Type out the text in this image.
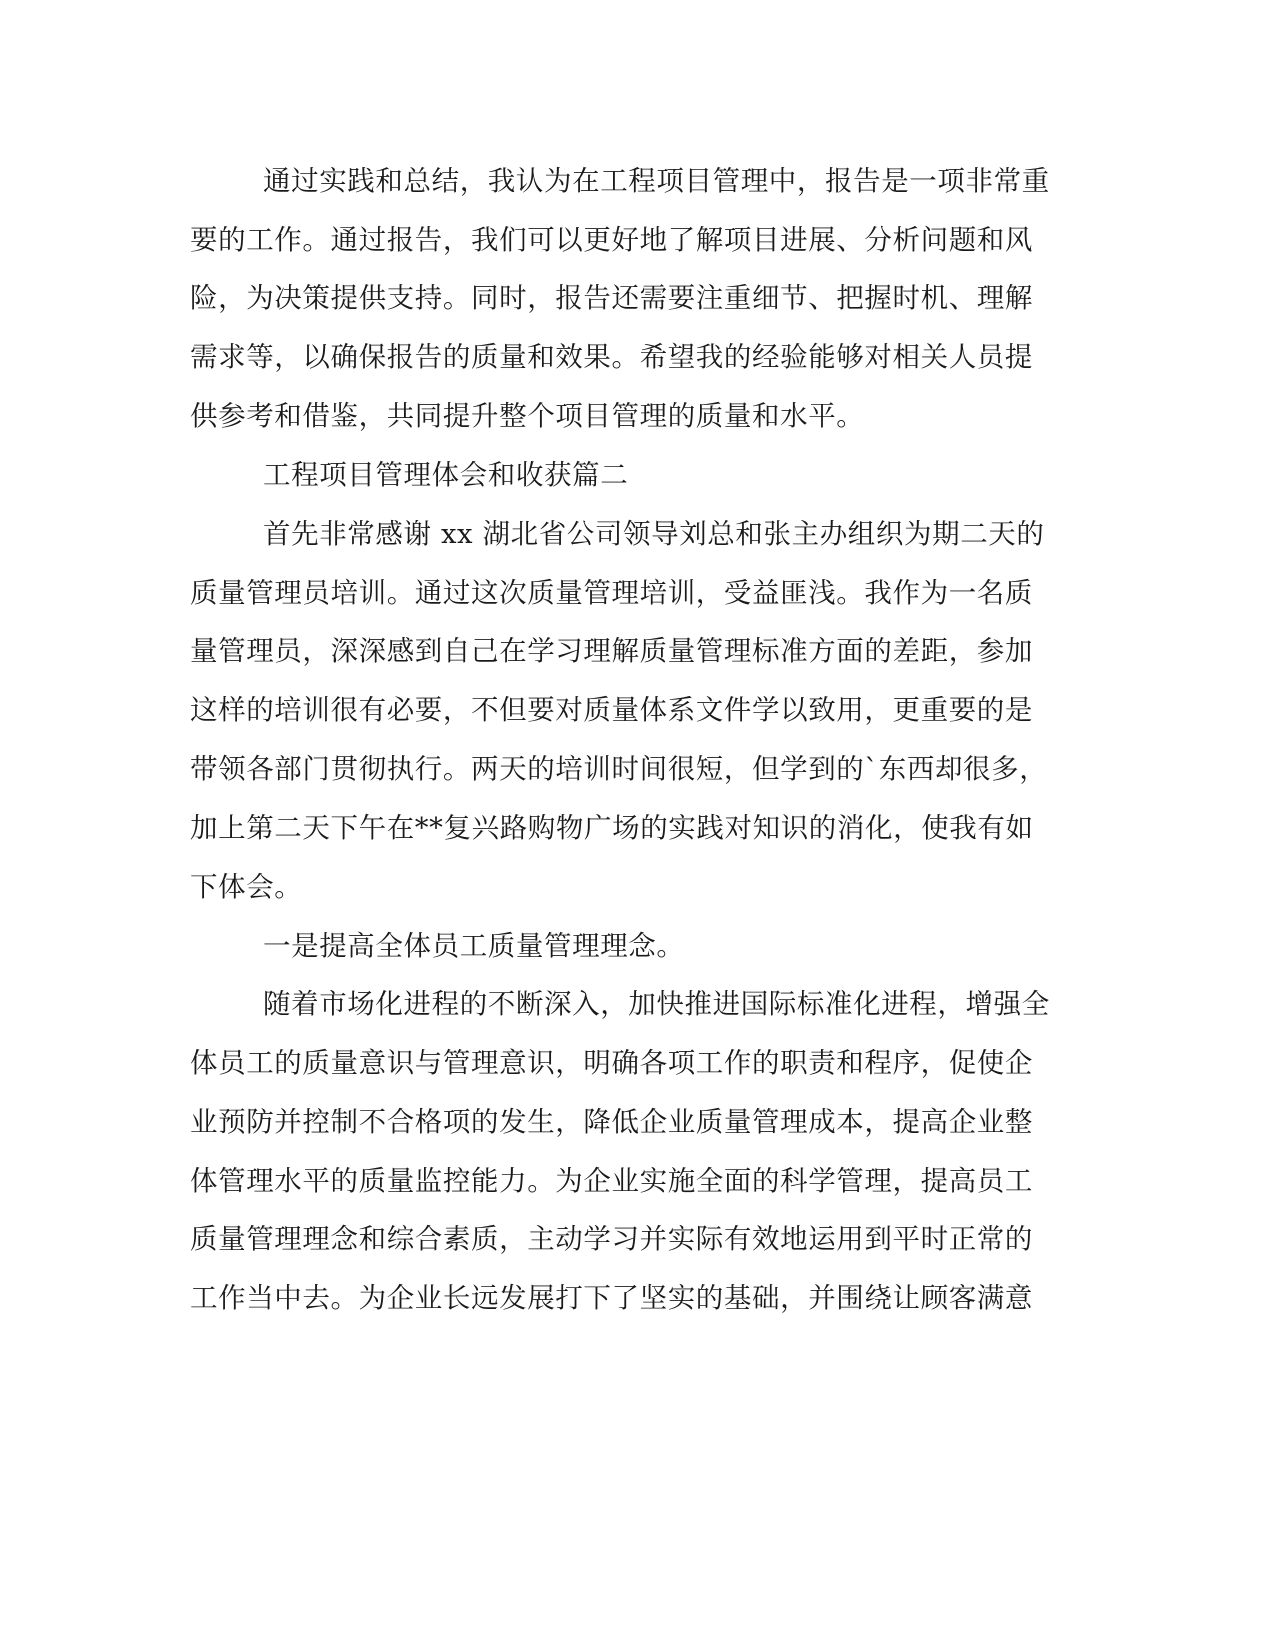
通过实践和总结，我认为在工程项目管理中，报告是一项非常重

要的工作。通过报告，我们可以更好地了解项目进展、分析问题和风

险，为决策提供支持。同时，报告还需要注重细节、把握时机、理解

需求等，以确保报告的质量和效果。希望我的经验能够对相关人员提

供参考和借鉴，共同提升整个项目管理的质量和水平。

工程项目管理体会和收获篇二

首先非常感谢 xx 湖北省公司领导刘总和张主办组织为期二天的

质量管理员培训。通过这次质量管理培训，受益匪浅。我作为一名质

量管理员，深深感到自己在学习理解质量管理标准方面的差距，参加

这样的培训很有必要，不但要对质量体系文件学以致用，更重要的是

带领各部门贯彻执行。两天的培训时间很短，但学到的`东西却很多，

加上第二天下午在**复兴路购物广场的实践对知识的消化，使我有如

下体会。

一是提高全体员工质量管理理念。

随着市场化进程的不断深入，加快推进国际标准化进程，增强全

体员工的质量意识与管理意识，明确各项工作的职责和程序，促使企

业预防并控制不合格项的发生，降低企业质量管理成本，提高企业整

体管理水平的质量监控能力。为企业实施全面的科学管理，提高员工

质量管理理念和综合素质，主动学习并实际有效地运用到平时正常的

工作当中去。为企业长远发展打下了坚实的基础，并围绕让顾客满意
